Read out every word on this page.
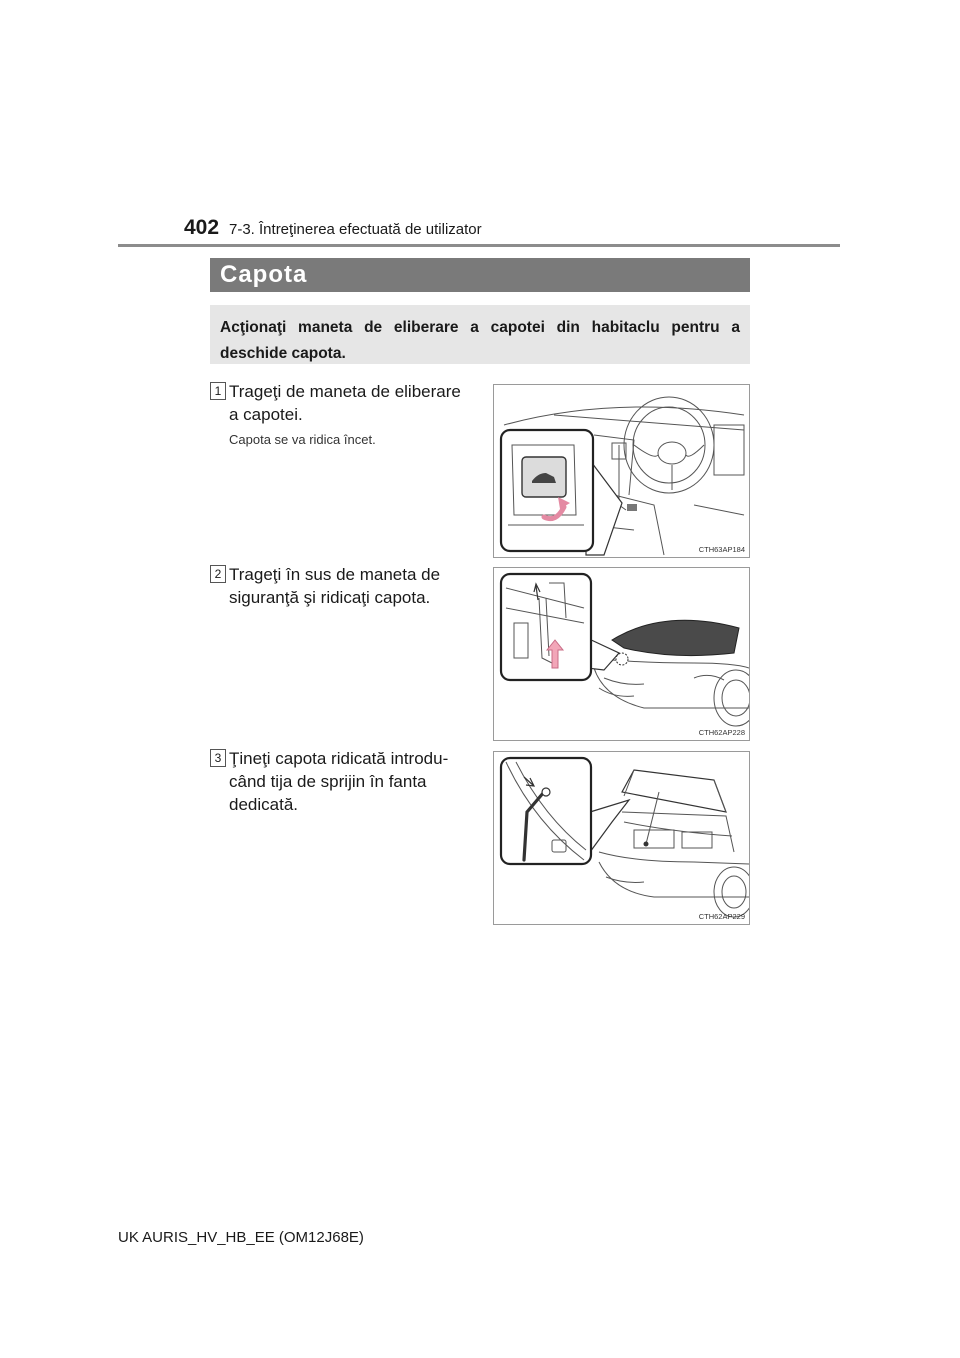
402 7-3. Întreţinerea efectuată de utilizator
Capota

Acţionaţi maneta de eliberare a capotei din habitaclu pentru a deschide capota.

1 Trageţi de maneta de eliberare
a capotei.
Capota se va ridica încet.
CTH63AP184
2 Trageţi în sus de maneta de
siguranţă şi ridicaţi capota.
CTH62AP228
3 Ţineţi capota ridicată introdu-
când tija de sprijin în fanta
dedicată.
CTH62AP229
UK AURIS_HV_HB_EE (OM12J68E)
